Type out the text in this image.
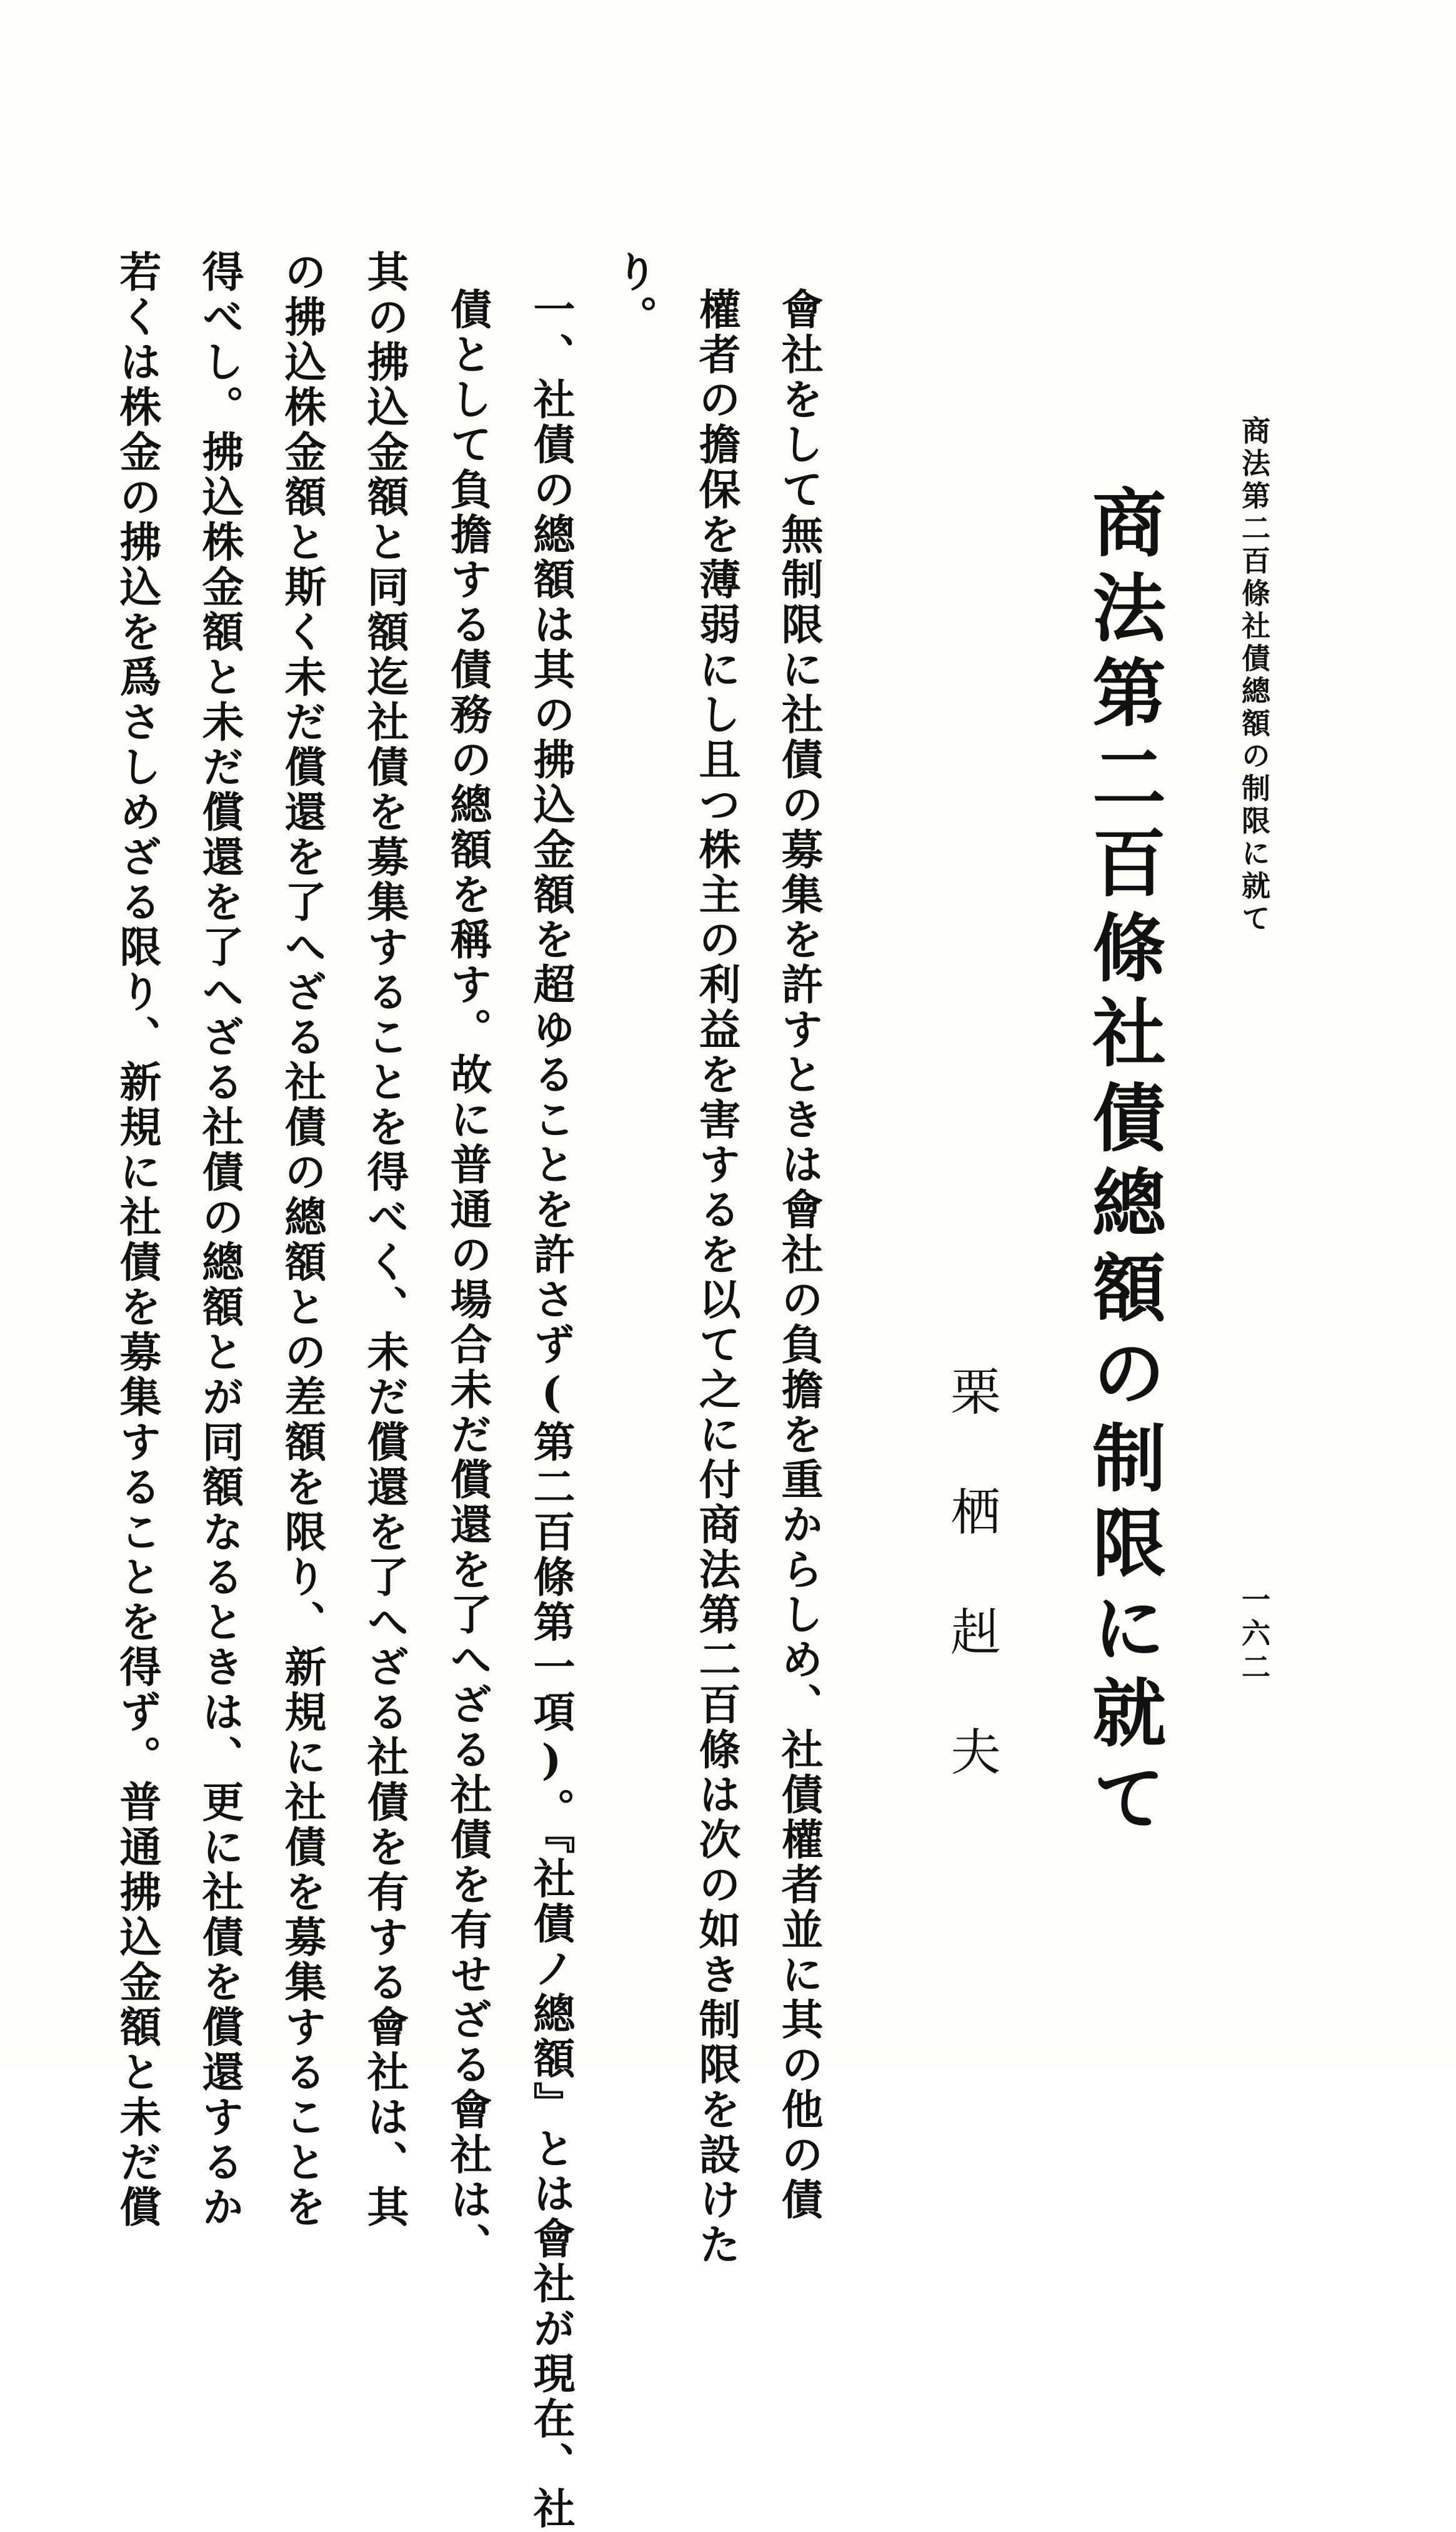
商法第二百條社債總額の制限に就て
一六二
商法第二百條社債總額の制限に就て
栗栖赳夫
會社をして無制限に社債の募集を許すときは會社の負擔を重からしめ、社債權者並に其の他の債
權者の擔保を薄弱にし且つ株主の利益を害するを以て之に付商法第二百條は次の如き制限を設けた
り。
一、社債の總額は其の拂込金額を超ゆることを許さず(第二百條第一項)。『社債ノ總額』とは會社が現在、社
債として負擔する債務の總額を稱す。故に普通の場合未だ償還を了へざる社債を有せざる會社は、
其の拂込金額と同額迄社債を募集することを得べく、未だ償還を了へざる社債を有する會社は、其
の拂込株金額と斯く未だ償還を了へざる社債の總額との差額を限り、新規に社債を募集することを
得べし。拂込株金額と未だ償還を了へざる社債の總額とが同額なるときは、更に社債を償還するか
若くは株金の拂込を爲さしめざる限り、新規に社債を募集することを得ず。普通拂込金額と未だ償
